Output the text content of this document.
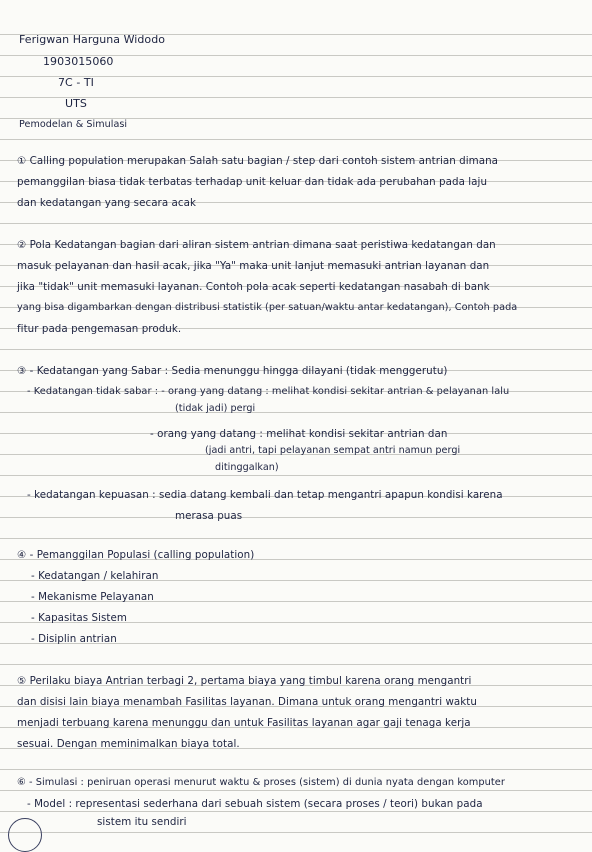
Ferigwan Harguna Widodo
1903015060
7C - TI
UTS
Pemodelan & Simulasi
① Calling population merupakan Salah satu bagian / step dari contoh sistem antrian dimana
pemanggilan biasa tidak terbatas terhadap unit keluar dan tidak ada perubahan pada laju
dan kedatangan yang secara acak
② Pola Kedatangan bagian dari aliran sistem antrian dimana saat peristiwa kedatangan dan
masuk pelayanan dan hasil acak, jika "Ya" maka unit lanjut memasuki antrian layanan dan
jika "tidak" unit memasuki layanan. Contoh pola acak seperti kedatangan nasabah di bank
yang bisa digambarkan dengan distribusi statistik (per satuan/waktu antar kedatangan), Contoh pada
fitur pada pengemasan produk.
③ - Kedatangan yang Sabar : Sedia menunggu hingga dilayani (tidak menggerutu)
- Kedatangan tidak sabar : - orang yang datang : melihat kondisi sekitar antrian & pelayanan lalu
(tidak jadi) pergi
- orang yang datang : melihat kondisi sekitar antrian dan
(jadi antri, tapi pelayanan sempat antri namun pergi
ditinggalkan)
- kedatangan kepuasan : sedia datang kembali dan tetap mengantri apapun kondisi karena
merasa puas
④ - Pemanggilan Populasi (calling population)
- Kedatangan / kelahiran
- Mekanisme Pelayanan
- Kapasitas Sistem
- Disiplin antrian
⑤ Perilaku biaya Antrian terbagi 2, pertama biaya yang timbul karena orang mengantri
dan disisi lain biaya menambah Fasilitas layanan. Dimana untuk orang mengantri waktu
menjadi terbuang karena menunggu dan untuk Fasilitas layanan agar gaji tenaga kerja
sesuai. Dengan meminimalkan biaya total.
⑥ - Simulasi : peniruan operasi menurut waktu & proses (sistem) di dunia nyata dengan komputer
- Model : representasi sederhana dari sebuah sistem (secara proses / teori) bukan pada
sistem itu sendiri
